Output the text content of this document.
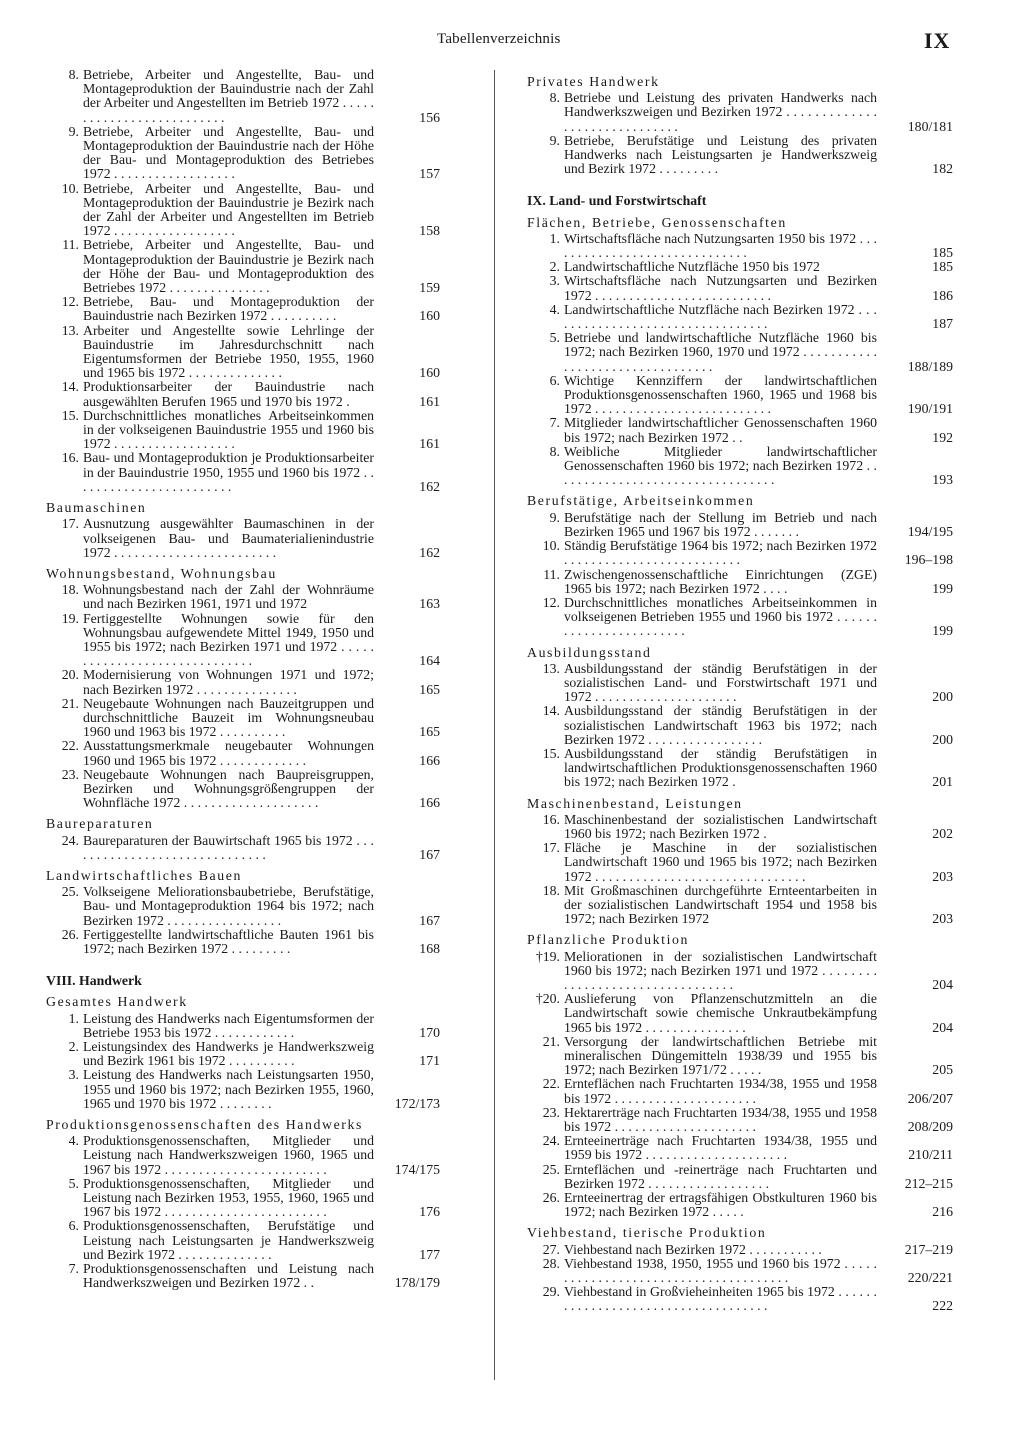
Tabellenverzeichnis	IX
8. Betriebe, Arbeiter und Angestellte, Bau- und Montageproduktion der Bauindustrie nach der Zahl der Arbeiter und Angestellten im Betrieb 1972 . . . . . . . . . . . . . . . . . . . . . . . . . .	156
9. Betriebe, Arbeiter und Angestellte, Bau- und Montageproduktion der Bauindustrie nach der Höhe der Bau- und Montageproduktion des Betriebes 1972 . . . . . . . . . . . . . . . . . .	157
10. Betriebe, Arbeiter und Angestellte, Bau- und Montageproduktion der Bauindustrie je Bezirk nach der Zahl der Arbeiter und Angestellten im Betrieb 1972 . . . . . . . . . . . . . . . . . .	158
11. Betriebe, Arbeiter und Angestellte, Bau- und Montageproduktion der Bauindustrie je Bezirk nach der Höhe der Bau- und Montageproduktion des Betriebes 1972 . . . . . . . . . . . . . . .	159
12. Betriebe, Bau- und Montageproduktion der Bauindustrie nach Bezirken 1972 . . . . . . . . . .	160
13. Arbeiter und Angestellte sowie Lehrlinge der Bauindustrie im Jahresdurchschnitt nach Eigentumsformen der Betriebe 1950, 1955, 1960 und 1965 bis 1972 . . . . . . . . . . . . . .	160
14. Produktionsarbeiter der Bauindustrie nach ausgewählten Berufen 1965 und 1970 bis 1972 .	161
15. Durchschnittliches monatliches Arbeitseinkommen in der volkseigenen Bauindustrie 1955 und 1960 bis 1972 . . . . . . . . . . . . . . . . . .	161
16. Bau- und Montageproduktion je Produktionsarbeiter in der Bauindustrie 1950, 1955 und 1960 bis 1972 . . . . . . . . . . . . . . . . . . . . . . . .	162
Baumaschinen
17. Ausnutzung ausgewählter Baumaschinen in der volkseigenen Bau- und Baumaterialienindustrie 1972 . . . . . . . . . . . . . . . . . . . . . . . .	162
Wohnungsbestand, Wohnungsbau
18. Wohnungsbestand nach der Zahl der Wohnräume und nach Bezirken 1961, 1971 und 1972	163
19. Fertiggestellte Wohnungen sowie für den Wohnungsbau aufgewendete Mittel 1949, 1950 und 1955 bis 1972; nach Bezirken 1971 und 1972 . . . . . . . . . . . . . . . . . . . . . . . . . . . . . .	164
20. Modernisierung von Wohnungen 1971 und 1972; nach Bezirken 1972 . . . . . . . . . . . . . . .	165
21. Neugebaute Wohnungen nach Bauzeitgruppen und durchschnittliche Bauzeit im Wohnungsneubau 1960 und 1963 bis 1972 . . . . . . . . . .	165
22. Ausstattungsmerkmale neugebauter Wohnungen 1960 und 1965 bis 1972 . . . . . . . . . . . . .	166
23. Neugebaute Wohnungen nach Baupreisgruppen, Bezirken und Wohnungsgrößengruppen der Wohnfläche 1972 . . . . . . . . . . . . . . . . . . . .	166
Baureparaturen
24. Baureparaturen der Bauwirtschaft 1965 bis 1972 . . . . . . . . . . . . . . . . . . . . . . . . . . . . . .	167
Landwirtschaftliches Bauen
25. Volkseigene Meliorationsbaubetriebe, Berufstätige, Bau- und Montageproduktion 1964 bis 1972; nach Bezirken 1972 . . . . . . . . . . . . . . . . .	167
26. Fertiggestellte landwirtschaftliche Bauten 1961 bis 1972; nach Bezirken 1972 . . . . . . . . .	168
VIII. Handwerk
Gesamtes Handwerk
1. Leistung des Handwerks nach Eigentumsformen der Betriebe 1953 bis 1972 . . . . . . . . . . . .	170
2. Leistungsindex des Handwerks je Handwerkszweig und Bezirk 1961 bis 1972 . . . . . . . . . .	171
3. Leistung des Handwerks nach Leistungsarten 1950, 1955 und 1960 bis 1972; nach Bezirken 1955, 1960, 1965 und 1970 bis 1972 . . . . . . . .	172/173
Produktionsgenossenschaften des Handwerks
4. Produktionsgenossenschaften, Mitglieder und Leistung nach Handwerkszweigen 1960, 1965 und 1967 bis 1972 . . . . . . . . . . . . . . . . . . . . . . . .	174/175
5. Produktionsgenossenschaften, Mitglieder und Leistung nach Bezirken 1953, 1955, 1960, 1965 und 1967 bis 1972 . . . . . . . . . . . . . . . . . . . . . . . .	176
6. Produktionsgenossenschaften, Berufstätige und Leistung nach Leistungsarten je Handwerkszweig und Bezirk 1972 . . . . . . . . . . . . . .	177
7. Produktionsgenossenschaften und Leistung nach Handwerkszweigen und Bezirken 1972 . .	178/179
Privates Handwerk
8. Betriebe und Leistung des privaten Handwerks nach Handwerkszweigen und Bezirken 1972 . . . . . . . . . . . . . . . . . . . . . . . . . . . . . .	180/181
9. Betriebe, Berufstätige und Leistung des privaten Handwerks nach Leistungsarten je Handwerkszweig und Bezirk 1972 . . . . . . . . .	182
IX. Land- und Forstwirtschaft
Flächen, Betriebe, Genossenschaften
1. Wirtschaftsfläche nach Nutzungsarten 1950 bis 1972 . . . . . . . . . . . . . . . . . . . . . . . . . . . . . .	185
2. Landwirtschaftliche Nutzfläche 1950 bis 1972	185
3. Wirtschaftsfläche nach Nutzungsarten und Bezirken 1972 . . . . . . . . . . . . . . . . . . . . . . . . . .	186
4. Landwirtschaftliche Nutzfläche nach Bezirken 1972 . . . . . . . . . . . . . . . . . . . . . . . . . . . . . . . . .	187
5. Betriebe und landwirtschaftliche Nutzfläche 1960 bis 1972; nach Bezirken 1960, 1970 und 1972 . . . . . . . . . . . . . . . . . . . . . . . . . . . . . . . . .	188/189
6. Wichtige Kennziffern der landwirtschaftlichen Produktionsgenossenschaften 1960, 1965 und 1968 bis 1972 . . . . . . . . . . . . . . . . . . . . . . . . . .	190/191
7. Mitglieder landwirtschaftlicher Genossenschaften 1960 bis 1972; nach Bezirken 1972 . .	192
8. Weibliche Mitglieder landwirtschaftlicher Genossenschaften 1960 bis 1972; nach Bezirken 1972 . . . . . . . . . . . . . . . . . . . . . . . . . . . . . . . . .	193
Berufstätige, Arbeitseinkommen
9. Berufstätige nach der Stellung im Betrieb und nach Bezirken 1965 und 1967 bis 1972 . . . . . . .	194/195
10. Ständig Berufstätige 1964 bis 1972; nach Bezirken 1972 . . . . . . . . . . . . . . . . . . . . . . . . . .	196–198
11. Zwischengenossenschaftliche Einrichtungen (ZGE) 1965 bis 1972; nach Bezirken 1972 . . . .	199
12. Durchschnittliches monatliches Arbeitseinkommen in volkseigenen Betrieben 1955 und 1960 bis 1972 . . . . . . . . . . . . . . . . . . . . . . . .	199
Ausbildungsstand
13. Ausbildungsstand der ständig Berufstätigen in der sozialistischen Land- und Forstwirtschaft 1971 und 1972 . . . . . . . . . . . . . . . . . . . . .	200
14. Ausbildungsstand der ständig Berufstätigen in der sozialistischen Landwirtschaft 1963 bis 1972; nach Bezirken 1972 . . . . . . . . . . . . . . . . .	200
15. Ausbildungsstand der ständig Berufstätigen in landwirtschaftlichen Produktionsgenossenschaften 1960 bis 1972; nach Bezirken 1972 .	201
Maschinenbestand, Leistungen
16. Maschinenbestand der sozialistischen Landwirtschaft 1960 bis 1972; nach Bezirken 1972 .	202
17. Fläche je Maschine in der sozialistischen Landwirtschaft 1960 und 1965 bis 1972; nach Bezirken 1972 . . . . . . . . . . . . . . . . . . . . . . . . . . . . . . .	203
18. Mit Großmaschinen durchgeführte Ernteentarbeiten in der sozialistischen Landwirtschaft 1954 und 1958 bis 1972; nach Bezirken 1972	203
Pflanzliche Produktion
†19. Meliorationen in der sozialistischen Landwirtschaft 1960 bis 1972; nach Bezirken 1971 und 1972 . . . . . . . . . . . . . . . . . . . . . . . . . . . . . . . . .	204
†20. Auslieferung von Pflanzenschutzmitteln an die Landwirtschaft sowie chemische Unkrautbekämpfung 1965 bis 1972 . . . . . . . . . . . . . . .	204
21. Versorgung der landwirtschaftlichen Betriebe mit mineralischen Düngemitteln 1938/39 und 1955 bis 1972; nach Bezirken 1971/72 . . . . .	205
22. Ernteflächen nach Fruchtarten 1934/38, 1955 und 1958 bis 1972 . . . . . . . . . . . . . . . . . . . . .	206/207
23. Hektarerträge nach Fruchtarten 1934/38, 1955 und 1958 bis 1972 . . . . . . . . . . . . . . . . . . . . .	208/209
24. Ernteeinerträge nach Fruchtarten 1934/38, 1955 und 1959 bis 1972 . . . . . . . . . . . . . . . . . . . . .	210/211
25. Ernteflächen und -reinerträge nach Fruchtarten und Bezirken 1972 . . . . . . . . . . . . . . . . . .	212–215
26. Ernteeinertrag der ertragsfähigen Obstkulturen 1960 bis 1972; nach Bezirken 1972 . . . . .	216
Viehbestand, tierische Produktion
27. Viehbestand nach Bezirken 1972 . . . . . . . . . . .	217–219
28. Viehbestand 1938, 1950, 1955 und 1960 bis 1972 . . . . . . . . . . . . . . . . . . . . . . . . . . . . . . . . . . . . . .	220/221
29. Viehbestand in Großvieheinheiten 1965 bis 1972 . . . . . . . . . . . . . . . . . . . . . . . . . . . . . . . . . . . .	222
